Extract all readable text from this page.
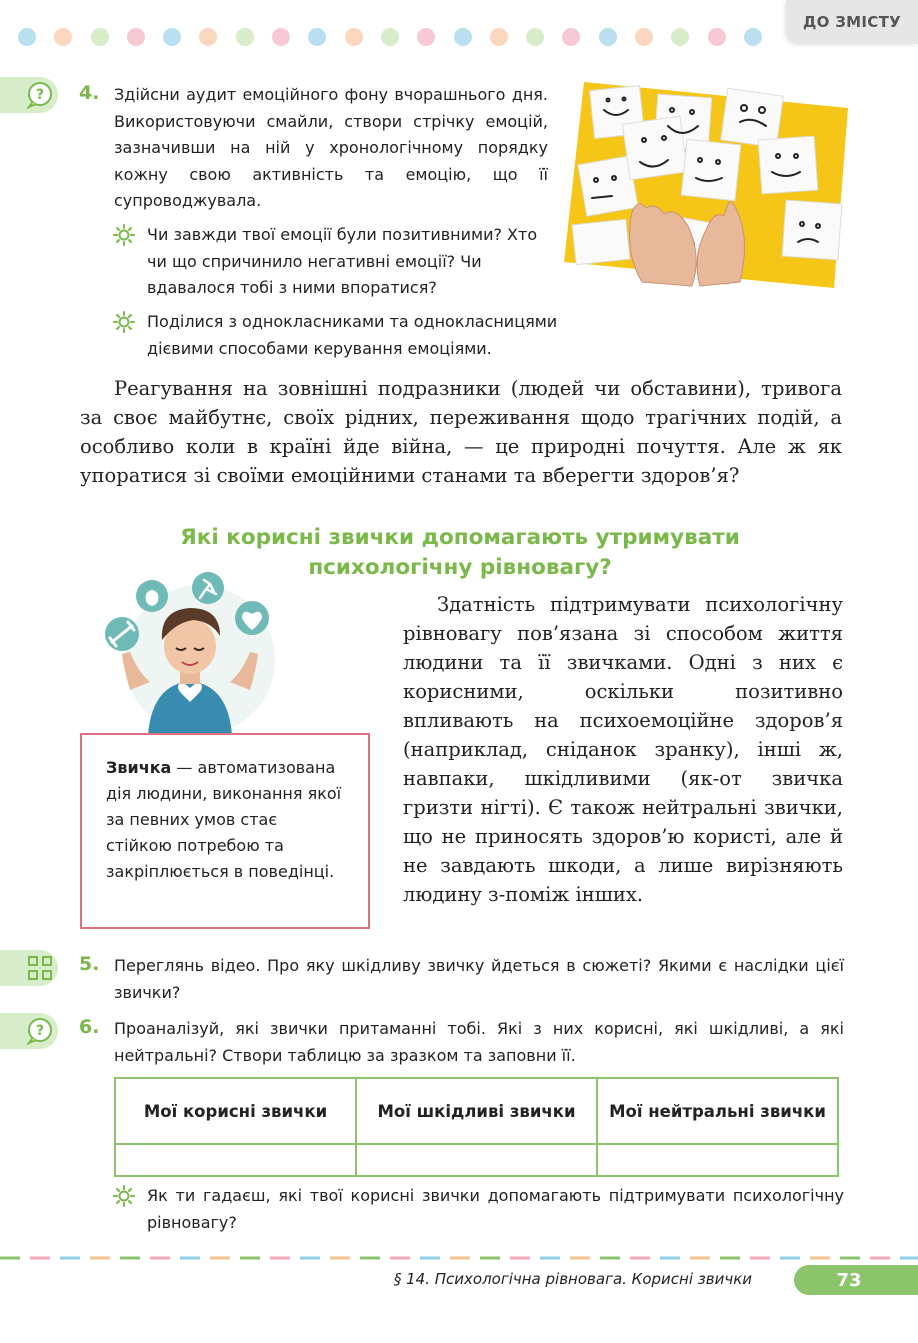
ДО ЗМІСТУ
? 4. Здійсни аудит емоційного фону вчорашнього дня. Використовуючи смайли, створи стрічку емоцій, зазначивши на ній у хронологічному порядку кожну свою активність та емоцію, що її супроводжувала.
Чи завжди твої емоції були позитивними? Хто чи що спричинило негативні емоції? Чи вдавалося тобі з ними впоратися?
Поділися з однокласниками та однокласницями дієвими способами керування емоціями.
Реагування на зовнішні подразники (людей чи обставини), тривога за своє майбутнє, своїх рідних, переживання щодо трагічних подій, а особливо коли в країні йде війна, — це природні почуття. Але ж як упоратися зі своїми емоційними станами та вберегти здоров’я?
Які корисні звички допомагають утримувати
психологічну рівновагу?
Звичка — автоматизована дія людини, виконання якої за певних умов стає стійкою потребою та закріплюється в поведінці.
Здатність підтримувати психологічну рівновагу пов’язана зі способом життя людини та її звичками. Одні з них є корисними, оскільки позитивно впливають на психоемоційне здоров’я (наприклад, сніданок зранку), інші ж, навпаки, шкідливими (як-от звичка гризти нігті). Є також нейтральні звички, що не приносять здоров’ю користі, але й не завдають шкоди, а лише вирізняють людину з-поміж інших.
5. Переглянь відео. Про яку шкідливу звичку йдеться в сюжеті? Якими є наслідки цієї звички?
? 6. Проаналізуй, які звички притаманні тобі. Які з них корисні, які шкідливі, а які нейтральні? Створи таблицю за зразком та заповни її.
Мої корисні звички	Мої шкідливі звички	Мої нейтральні звички

Як ти гадаєш, які твої корисні звички допомагають підтримувати психологічну рівновагу?
§ 14. Психологічна рівновага. Корисні звички	73
